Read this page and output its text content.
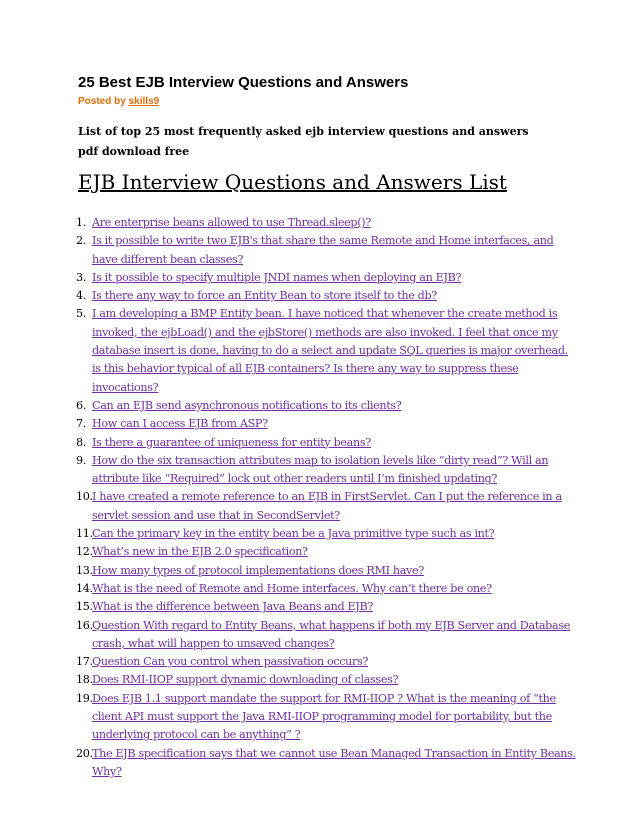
25 Best EJB Interview Questions and Answers
Posted by skills9
List of top 25 most frequently asked ejb interview questions and answers pdf download free
EJB Interview Questions and Answers List
1. Are enterprise beans allowed to use Thread.sleep()?
2. Is it possible to write two EJB's that share the same Remote and Home interfaces, and have different bean classes?
3. Is it possible to specify multiple JNDI names when deploying an EJB?
4. Is there any way to force an Entity Bean to store itself to the db?
5. I am developing a BMP Entity bean. I have noticed that whenever the create method is invoked, the ejbLoad() and the ejbStore() methods are also invoked. I feel that once my database insert is done, having to do a select and update SQL queries is major overhead. is this behavior typical of all EJB containers? Is there any way to suppress these invocations?
6. Can an EJB send asynchronous notifications to its clients?
7. How can I access EJB from ASP?
8. Is there a guarantee of uniqueness for entity beans?
9. How do the six transaction attributes map to isolation levels like “dirty read”? Will an attribute like “Required” lock out other readers until I’m finished updating?
10. I have created a remote reference to an EJB in FirstServlet. Can I put the reference in a servlet session and use that in SecondServlet?
11. Can the primary key in the entity bean be a Java primitive type such as int?
12. What’s new in the EJB 2.0 specification?
13. How many types of protocol implementations does RMI have?
14. What is the need of Remote and Home interfaces. Why can’t there be one?
15. What is the difference between Java Beans and EJB?
16. Question With regard to Entity Beans, what happens if both my EJB Server and Database crash, what will happen to unsaved changes?
17. Question Can you control when passivation occurs?
18. Does RMI-IIOP support dynamic downloading of classes?
19. Does EJB 1.1 support mandate the support for RMI-IIOP ? What is the meaning of “the client API must support the Java RMI-IIOP programming model for portability, but the underlying protocol can be anything” ?
20. The EJB specification says that we cannot use Bean Managed Transaction in Entity Beans. Why?
